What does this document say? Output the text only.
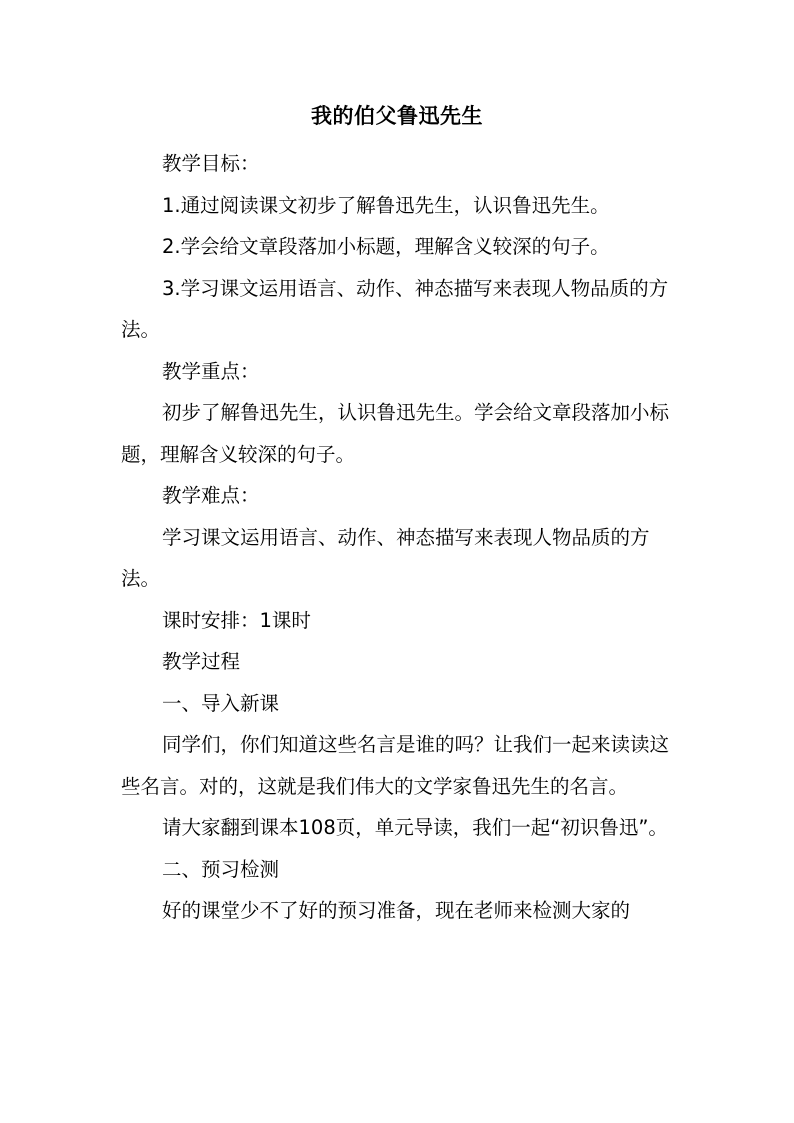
我的伯父鲁迅先生

教学目标：

1.通过阅读课文初步了解鲁迅先生，认识鲁迅先生。

2.学会给文章段落加小标题，理解含义较深的句子。

3.学习课文运用语言、动作、神态描写来表现人物品质的方法。

教学重点：

初步了解鲁迅先生，认识鲁迅先生。学会给文章段落加小标题，理解含义较深的句子。

教学难点：

学习课文运用语言、动作、神态描写来表现人物品质的方法。

课时安排：1课时

教学过程

一、导入新课

同学们，你们知道这些名言是谁的吗？让我们一起来读读这些名言。对的，这就是我们伟大的文学家鲁迅先生的名言。

请大家翻到课本108页，单元导读，我们一起“初识鲁迅”。

二、预习检测

好的课堂少不了好的预习准备，现在老师来检测大家的
